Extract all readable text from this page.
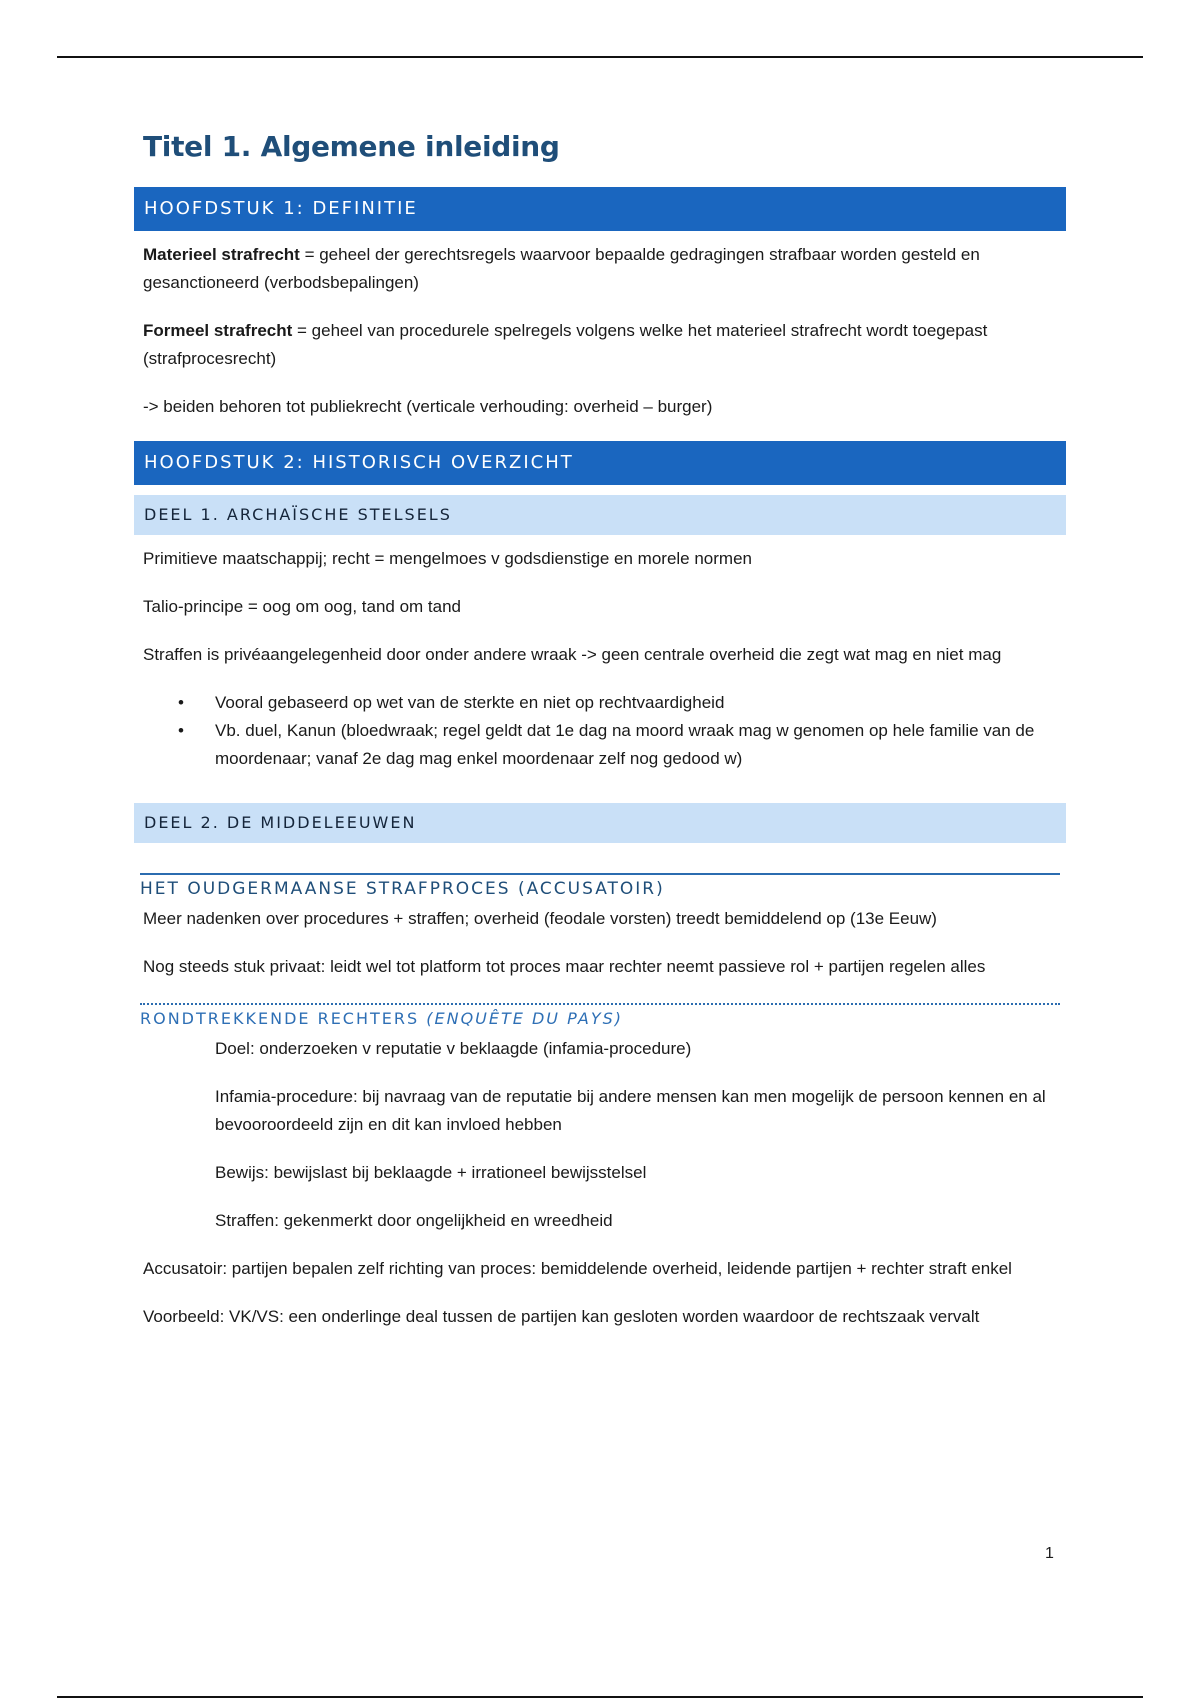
Titel 1. Algemene inleiding
HOOFDSTUK 1: DEFINITIE

Materieel strafrecht = geheel der gerechtsregels waarvoor bepaalde gedragingen strafbaar worden gesteld en gesanctioneerd (verbodsbepalingen)

Formeel strafrecht = geheel van procedurele spelregels volgens welke het materieel strafrecht wordt toegepast (strafprocesrecht)

-> beiden behoren tot publiekrecht (verticale verhouding: overheid – burger)

HOOFDSTUK 2: HISTORISCH OVERZICHT
DEEL 1. ARCHAÏSCHE STELSELS

Primitieve maatschappij; recht = mengelmoes v godsdienstige en morele normen

Talio-principe = oog om oog, tand om tand

Straffen is privéaangelegenheid door onder andere wraak -> geen centrale overheid die zegt wat mag en niet mag

• Vooral gebaseerd op wet van de sterkte en niet op rechtvaardigheid
• Vb. duel, Kanun (bloedwraak; regel geldt dat 1e dag na moord wraak mag w genomen op hele familie van de moordenaar; vanaf 2e dag mag enkel moordenaar zelf nog gedood w)
DEEL 2. DE MIDDELEEUWEN
HET OUDGERMAANSE STRAFPROCES (ACCUSATOIR)

Meer nadenken over procedures + straffen; overheid (feodale vorsten) treedt bemiddelend op (13e Eeuw)

Nog steeds stuk privaat: leidt wel tot platform tot proces maar rechter neemt passieve rol + partijen regelen alles

RONDTREKKENDE RECHTERS (ENQUÊTE DU PAYS)

Doel: onderzoeken v reputatie v beklaagde (infamia-procedure)

Infamia-procedure: bij navraag van de reputatie bij andere mensen kan men mogelijk de persoon kennen en al bevooroordeeld zijn en dit kan invloed hebben

Bewijs: bewijslast bij beklaagde + irrationeel bewijsstelsel

Straffen: gekenmerkt door ongelijkheid en wreedheid

Accusatoir: partijen bepalen zelf richting van proces: bemiddelende overheid, leidende partijen + rechter straft enkel

Voorbeeld: VK/VS: een onderlinge deal tussen de partijen kan gesloten worden waardoor de rechtszaak vervalt

1
